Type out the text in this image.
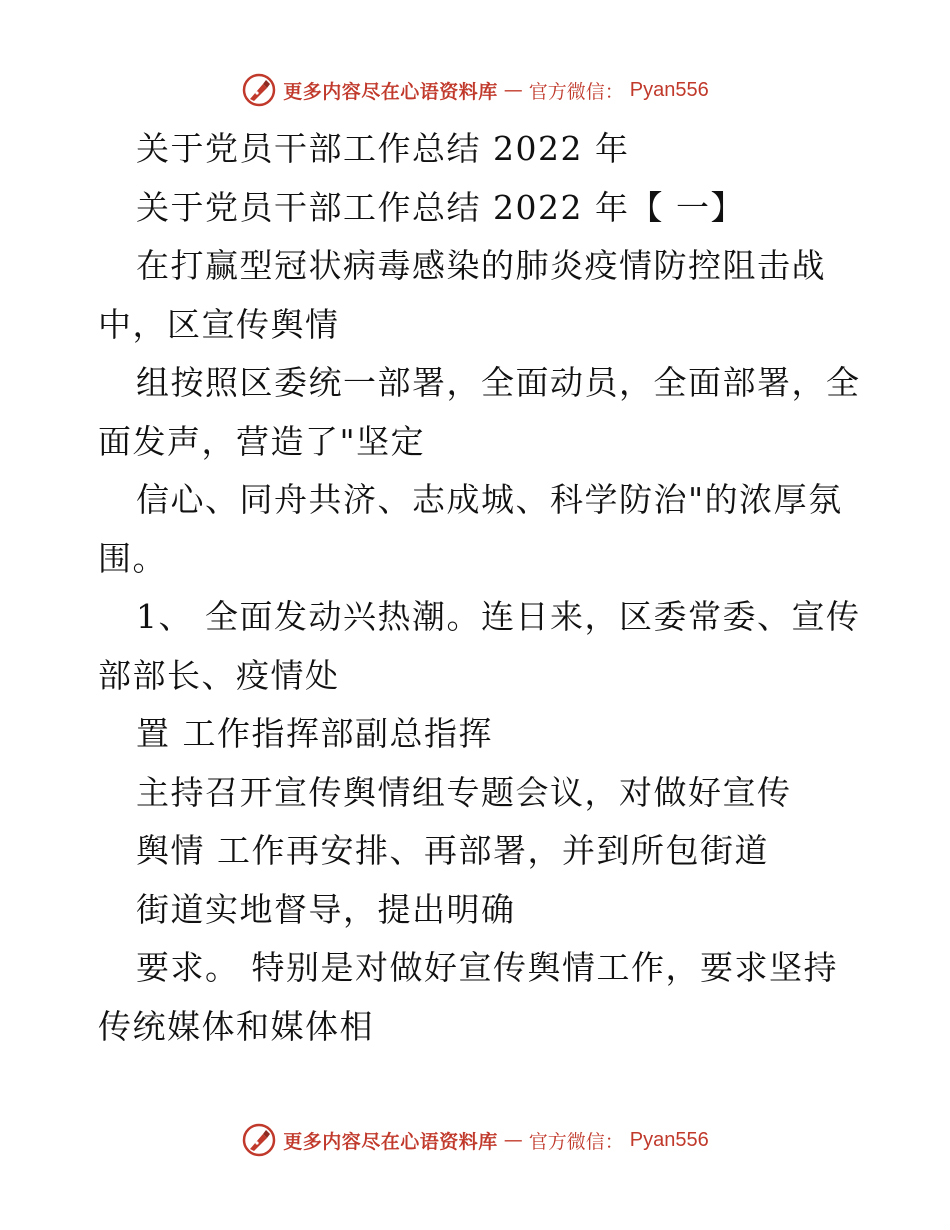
更多内容尽在心语资料库 — 官方微信： Pyan556
关于党员干部工作总结 2022 年
关于党员干部工作总结 2022 年【 一】
在打赢型冠状病毒感染的肺炎疫情防控阻击战
中，区宣传舆情
组按照区委统一部署，全面动员，全面部署，全
面发声，营造了"坚定
信心、同舟共济、志成城、科学防治"的浓厚氛
围。
1、 全面发动兴热潮。连日来，区委常委、宣传
部部长、疫情处
置 工作指挥部副总指挥
主持召开宣传舆情组专题会议，对做好宣传
舆情 工作再安排、再部署，并到所包街道
街道实地督导，提出明确
要求。 特别是对做好宣传舆情工作，要求坚持
传统媒体和媒体相
更多内容尽在心语资料库 — 官方微信： Pyan556
